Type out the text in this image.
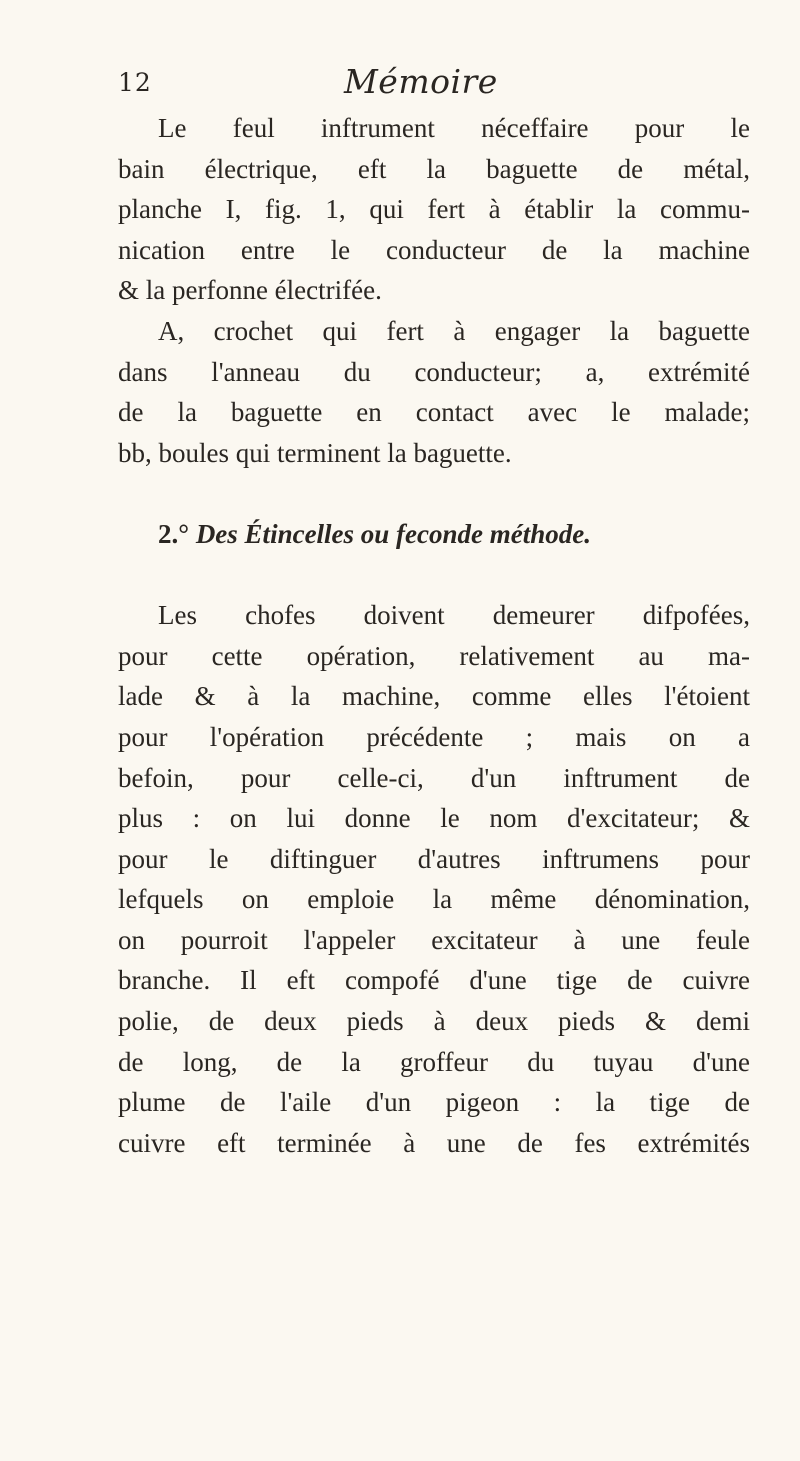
12	Mémoire

Le feul inftrument néceffaire pour le
bain électrique, eft la baguette de métal,
planche I, fig. 1, qui fert à établir la commu-
nication entre le conducteur de la machine
& la perfonne électrifée.

A, crochet qui fert à engager la baguette
dans l'anneau du conducteur; a, extrémité
de la baguette en contact avec le malade;
bb, boules qui terminent la baguette.

2.° Des Étincelles ou feconde méthode.

Les chofes doivent demeurer difpofées,
pour cette opération, relativement au ma-
lade & à la machine, comme elles l'étoient
pour l'opération précédente ; mais on a
befoin, pour celle-ci, d'un inftrument de
plus : on lui donne le nom d'excitateur; &
pour le diftinguer d'autres inftrumens pour
lefquels on emploie la même dénomination,
on pourroit l'appeler excitateur à une feule
branche. Il eft compofé d'une tige de cuivre
polie, de deux pieds à deux pieds & demi
de long, de la groffeur du tuyau d'une
plume de l'aile d'un pigeon : la tige de
cuivre eft terminée à une de fes extrémités
